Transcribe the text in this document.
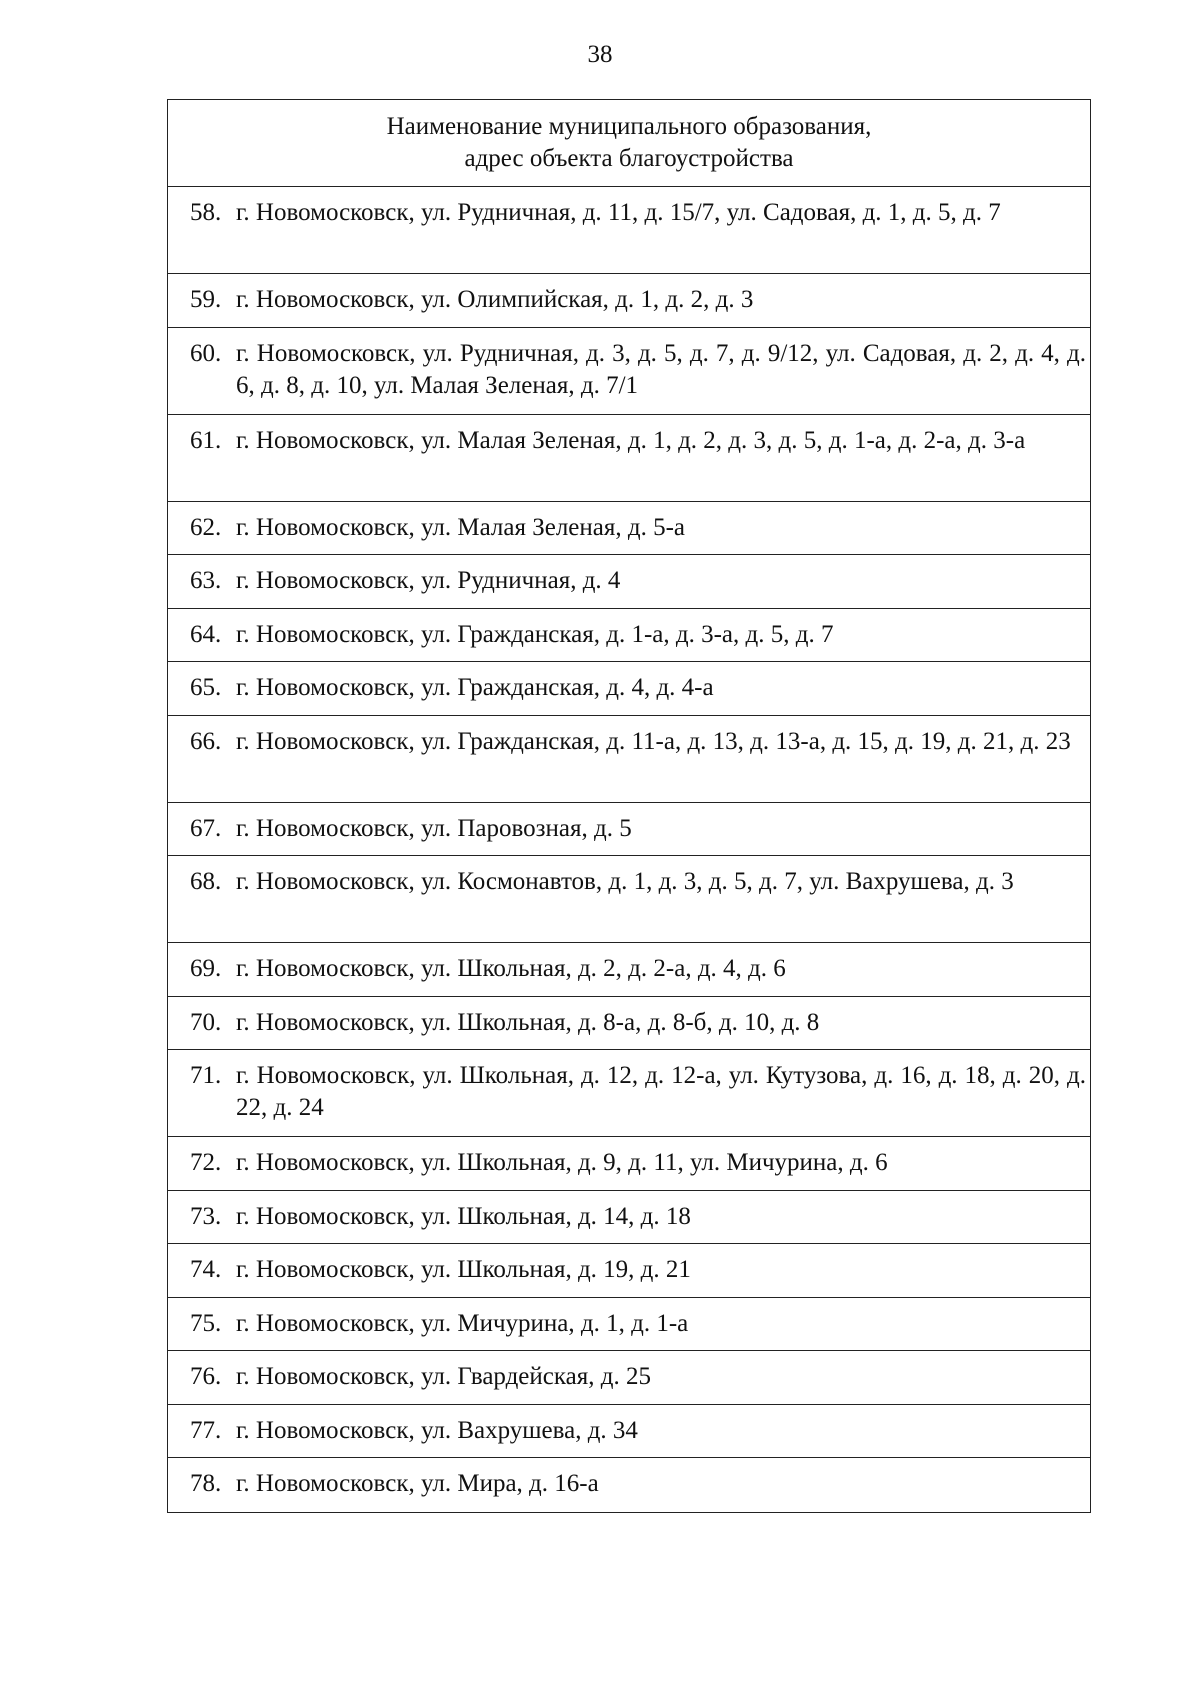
38
Наименование муниципального образования,
адрес объекта благоустройства
58. г. Новомосковск, ул. Рудничная, д. 11, д. 15/7, ул. Садовая, д. 1, д. 5, д. 7
59. г. Новомосковск, ул. Олимпийская, д. 1, д. 2, д. 3
60. г. Новомосковск, ул. Рудничная, д. 3, д. 5, д. 7, д. 9/12, ул. Садовая, д. 2, д. 4, д. 6, д. 8, д. 10, ул. Малая Зеленая, д. 7/1
61. г. Новомосковск, ул. Малая Зеленая, д. 1, д. 2, д. 3, д. 5, д. 1-а, д. 2-а, д. 3-а
62. г. Новомосковск, ул. Малая Зеленая, д. 5-а
63. г. Новомосковск, ул. Рудничная, д. 4
64. г. Новомосковск, ул. Гражданская, д. 1-а, д. 3-а, д. 5, д. 7
65. г. Новомосковск, ул. Гражданская, д. 4, д. 4-а
66. г. Новомосковск, ул. Гражданская, д. 11-а, д. 13, д. 13-а, д. 15, д. 19, д. 21, д. 23
67. г. Новомосковск, ул. Паровозная, д. 5
68. г. Новомосковск, ул. Космонавтов, д. 1, д. 3, д. 5, д. 7, ул. Вахрушева, д. 3
69. г. Новомосковск, ул. Школьная, д. 2, д. 2-а, д. 4, д. 6
70. г. Новомосковск, ул. Школьная, д. 8-а, д. 8-б, д. 10, д. 8
71. г. Новомосковск, ул. Школьная, д. 12, д. 12-а, ул. Кутузова, д. 16, д. 18, д. 20, д. 22, д. 24
72. г. Новомосковск, ул. Школьная, д. 9, д. 11, ул. Мичурина, д. 6
73. г. Новомосковск, ул. Школьная, д. 14, д. 18
74. г. Новомосковск, ул. Школьная, д. 19, д. 21
75. г. Новомосковск, ул. Мичурина, д. 1, д. 1-а
76. г. Новомосковск, ул. Гвардейская, д. 25
77. г. Новомосковск, ул. Вахрушева, д. 34
78. г. Новомосковск, ул. Мира, д. 16-а
